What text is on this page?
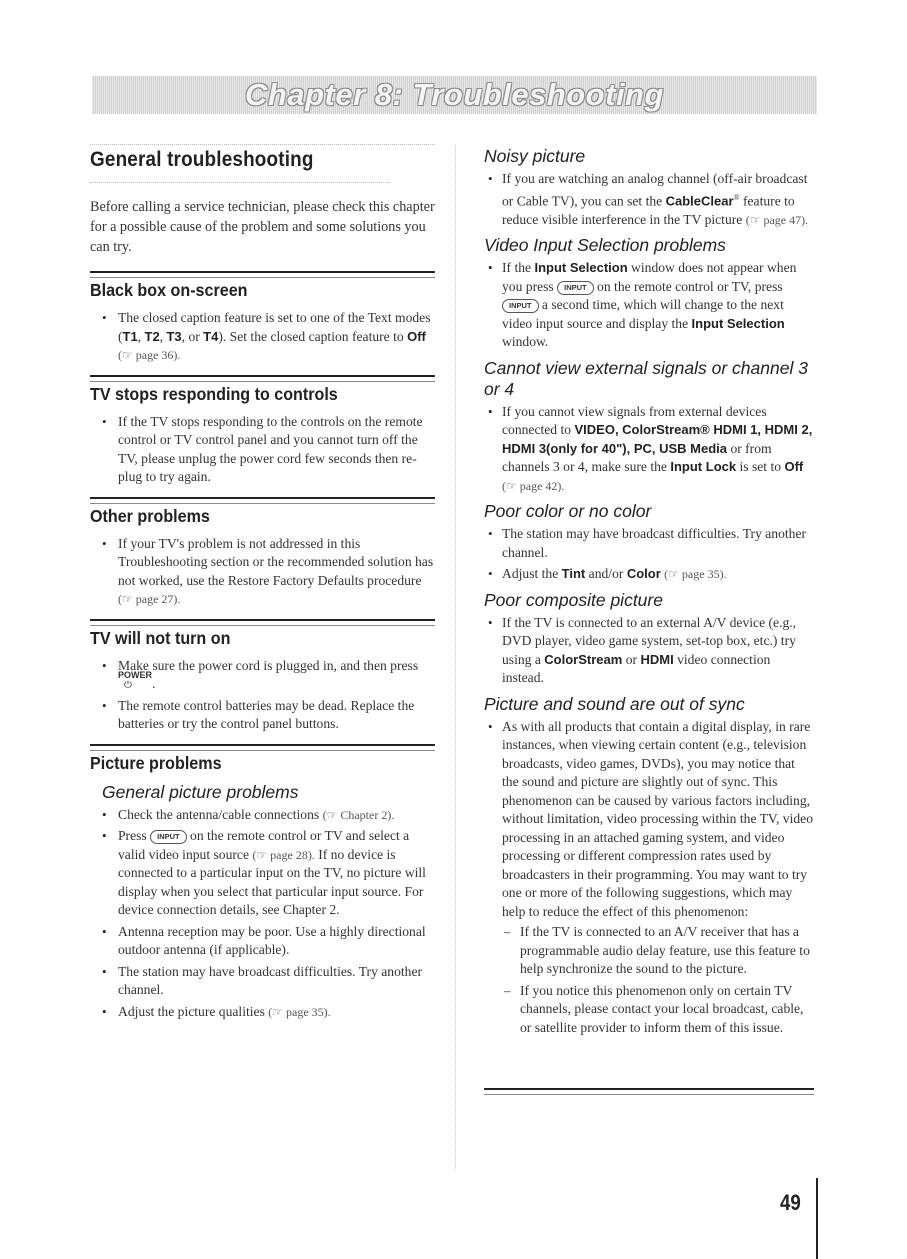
Chapter 8: Troubleshooting
General troubleshooting

Before calling a service technician, please check this chapter for a possible cause of the problem and some solutions you can try.

Black box on-screen
• The closed caption feature is set to one of the Text modes (T1, T2, T3, or T4). Set the closed caption feature to Off (☞ page 36).
TV stops responding to controls
• If the TV stops responding to the controls on the remote control or TV control panel and you cannot turn off the TV, please unplug the power cord few seconds then re-plug to try again.
Other problems
• If your TV's problem is not addressed in this Troubleshooting section or the recommended solution has not worked, use the Restore Factory Defaults procedure (☞ page 27).
TV will not turn on
• Make sure the power cord is plugged in, and then press
POWER
⏻ .
• The remote control batteries may be dead. Replace the batteries or try the control panel buttons.
Picture problems
General picture problems
• Check the antenna/cable connections (☞ Chapter 2).
• Press INPUT on the remote control or TV and select a valid video input source (☞ page 28). If no device is connected to a particular input on the TV, no picture will display when you select that particular input source. For device connection details, see Chapter 2.
• Antenna reception may be poor. Use a highly directional outdoor antenna (if applicable).
• The station may have broadcast difficulties. Try another channel.
• Adjust the picture qualities (☞ page 35).
Noisy picture
• If you are watching an analog channel (off-air broadcast or Cable TV), you can set the CableClear® feature to reduce visible interference in the TV picture (☞ page 47).
Video Input Selection problems
• If the Input Selection window does not appear when you press INPUT on the remote control or TV, press INPUT a second time, which will change to the next video input source and display the Input Selection window.
Cannot view external signals or channel 3 or 4
• If you cannot view signals from external devices connected to VIDEO, ColorStream® HDMI 1, HDMI 2, HDMI 3(only for 40"), PC, USB Media or from channels 3 or 4, make sure the Input Lock is set to Off (☞ page 42).
Poor color or no color
• The station may have broadcast difficulties. Try another channel.
• Adjust the Tint and/or Color (☞ page 35).
Poor composite picture
• If the TV is connected to an external A/V device (e.g., DVD player, video game system, set-top box, etc.) try using a ColorStream or HDMI video connection instead.
Picture and sound are out of sync
• As with all products that contain a digital display, in rare instances, when viewing certain content (e.g., television broadcasts, video games, DVDs), you may notice that the sound and picture are slightly out of sync. This phenomenon can be caused by various factors including, without limitation, video processing within the TV, video processing in an attached gaming system, and video processing or different compression rates used by broadcasters in their programming. You may want to try one or more of the following suggestions, which may help to reduce the effect of this phenomenon:
– If the TV is connected to an A/V receiver that has a programmable audio delay feature, use this feature to help synchronize the sound to the picture.
– If you notice this phenomenon only on certain TV channels, please contact your local broadcast, cable, or satellite provider to inform them of this issue.
49
